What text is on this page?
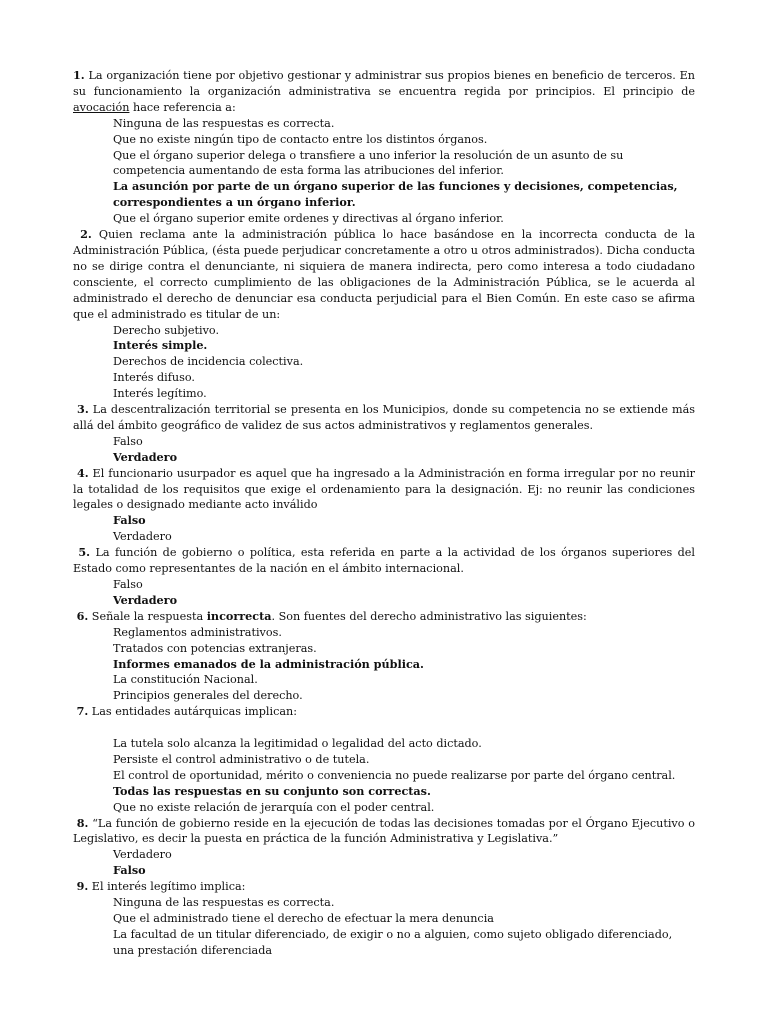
1. La organización tiene por objetivo gestionar y administrar sus propios bienes en beneficio de terceros. En su funcionamiento la organización administrativa se encuentra regida por principios. El principio de avocación hace referencia a:

Ninguna de las respuestas es correcta.
Que no existe ningún tipo de contacto entre los distintos órganos.
Que el órgano superior delega o transfiere a uno inferior la resolución de un asunto de su competencia aumentando de esta forma las atribuciones del inferior.
La asunción por parte de un órgano superior de las funciones y decisiones, competencias,
correspondientes a un órgano inferior.
Que el órgano superior emite ordenes y directivas al órgano inferior.

2. Quien reclama ante la administración pública lo hace basándose en la incorrecta conducta de la Administración Pública, (ésta puede perjudicar concretamente a otro u otros administrados). Dicha conducta no se dirige contra el denunciante, ni siquiera de manera indirecta, pero como interesa a todo ciudadano consciente, el correcto cumplimiento de las obligaciones de la Administración Pública, se le acuerda al administrado el derecho de denunciar esa conducta perjudicial para el Bien Común. En este caso se afirma que el administrado es titular de un:

Derecho subjetivo.
Interés simple.
Derechos de incidencia colectiva.
Interés difuso.
Interés legítimo.

3. La descentralización territorial se presenta en los Municipios, donde su competencia no se extiende más allá del ámbito geográfico de validez de sus actos administrativos y reglamentos generales.

Falso
Verdadero

4. El funcionario usurpador es aquel que ha ingresado a la Administración en forma irregular por no reunir la totalidad de los requisitos que exige el ordenamiento para la designación. Ej: no reunir las condiciones legales o designado mediante acto inválido

Falso
Verdadero

5. La función de gobierno o política, esta referida en parte a la actividad de los órganos superiores del Estado como representantes de la nación en el ámbito internacional.

Falso
Verdadero

6. Señale la respuesta incorrecta. Son fuentes del derecho administrativo las siguientes:

Reglamentos administrativos.
Tratados con potencias extranjeras.
Informes emanados de la administración pública.
La constitución Nacional.
Principios generales del derecho.

7. Las entidades autárquicas implican:

La tutela solo alcanza la legitimidad o legalidad del acto dictado.
Persiste el control administrativo o de tutela.
El control de oportunidad, mérito o conveniencia no puede realizarse por parte del órgano central.
Todas las respuestas en su conjunto son correctas.
Que no existe relación de jerarquía con el poder central.

8. “La función de gobierno reside en la ejecución de todas las decisiones tomadas por el Órgano Ejecutivo o Legislativo, es decir la puesta en práctica de la función Administrativa y Legislativa.”

Verdadero
Falso

9. El interés legítimo implica:

Ninguna de las respuestas es correcta.
Que el administrado tiene el derecho de efectuar la mera denuncia
La facultad de un titular diferenciado, de exigir o no a alguien, como sujeto obligado diferenciado, una prestación diferenciada
